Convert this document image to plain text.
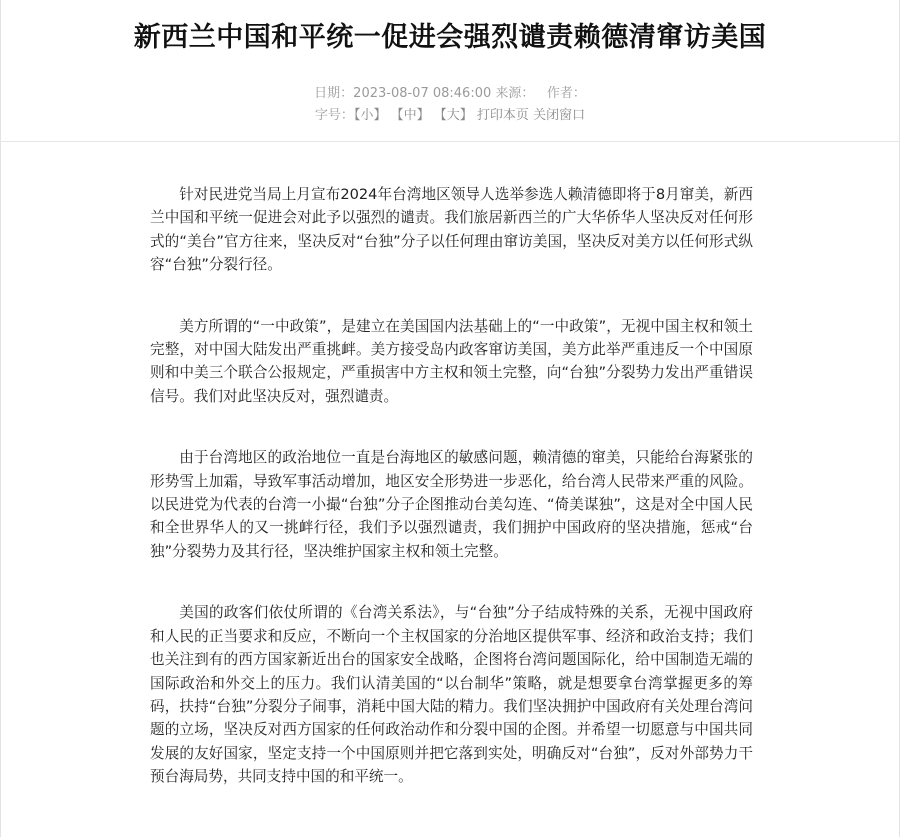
新西兰中国和平统一促进会强烈谴责赖德清窜访美国
日期：2023-08-07 08:46:00 来源： 作者：
字号：【小】 【中】 【大】 打印本页 关闭窗口

针对民进党当局上月宣布2024年台湾地区领导人选举参选人赖清德即将于8月窜美，新西兰中国和平统一促进会对此予以强烈的谴责。我们旅居新西兰的广大华侨华人坚决反对任何形式的“美台”官方往来，坚决反对“台独”分子以任何理由窜访美国，坚决反对美方以任何形式纵容“台独”分裂行径。

美方所谓的“一中政策”，是建立在美国国内法基础上的“一中政策”，无视中国主权和领土完整，对中国大陆发出严重挑衅。美方接受岛内政客窜访美国，美方此举严重违反一个中国原则和中美三个联合公报规定，严重损害中方主权和领土完整，向“台独”分裂势力发出严重错误信号。我们对此坚决反对，强烈谴责。

由于台湾地区的政治地位一直是台海地区的敏感问题，赖清德的窜美，只能给台海紧张的形势雪上加霜，导致军事活动增加，地区安全形势进一步恶化，给台湾人民带来严重的风险。以民进党为代表的台湾一小撮“台独”分子企图推动台美勾连、“倚美谋独”，这是对全中国人民和全世界华人的又一挑衅行径，我们予以强烈谴责，我们拥护中国政府的坚决措施，惩戒“台独”分裂势力及其行径，坚决维护国家主权和领土完整。

美国的政客们依仗所谓的《台湾关系法》，与“台独”分子结成特殊的关系，无视中国政府和人民的正当要求和反应，不断向一个主权国家的分治地区提供军事、经济和政治支持；我们也关注到有的西方国家新近出台的国家安全战略，企图将台湾问题国际化，给中国制造无端的国际政治和外交上的压力。我们认清美国的“以台制华”策略，就是想要拿台湾掌握更多的筹码，扶持“台独”分裂分子闹事，消耗中国大陆的精力。我们坚决拥护中国政府有关处理台湾问题的立场，坚决反对西方国家的任何政治动作和分裂中国的企图。并希望一切愿意与中国共同发展的友好国家，坚定支持一个中国原则并把它落到实处，明确反对“台独”，反对外部势力干预台海局势，共同支持中国的和平统一。
